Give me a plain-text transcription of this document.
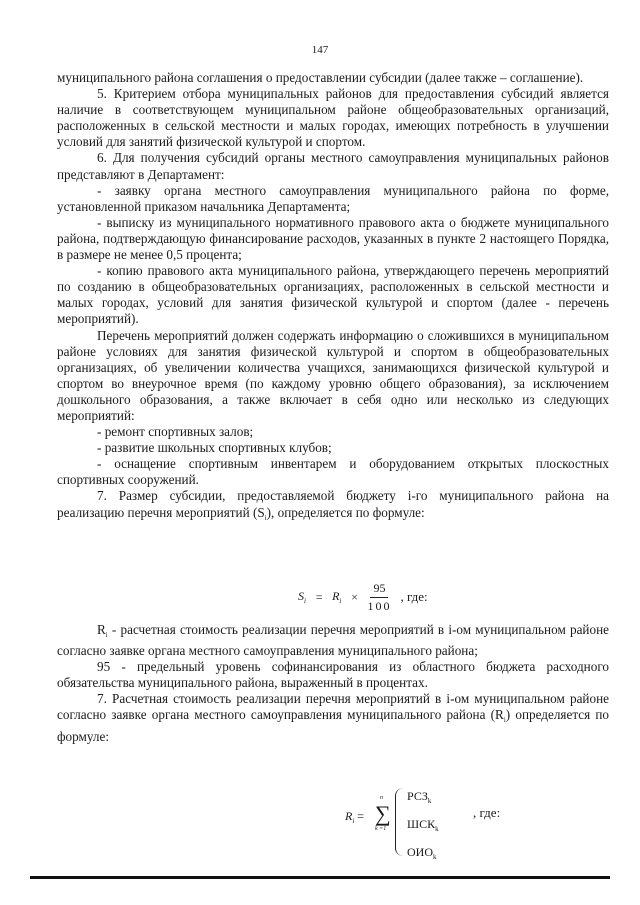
147

муниципального района соглашения о предоставлении субсидии (далее также – соглашение).

5. Критерием отбора муниципальных районов для предоставления субсидий является наличие в соответствующем муниципальном районе общеобразовательных организаций, расположенных в сельской местности и малых городах, имеющих потребность в улучшении условий для занятий физической культурой и спортом.

6. Для получения субсидий органы местного самоуправления муниципальных районов представляют в Департамент:

- заявку органа местного самоуправления муниципального района по форме, установленной приказом начальника Департамента;

- выписку из муниципального нормативного правового акта о бюджете муниципального района, подтверждающую финансирование расходов, указанных в пункте 2 настоящего Порядка, в размере не менее 0,5 процента;

- копию правового акта муниципального района, утверждающего перечень мероприятий по созданию в общеобразовательных организациях, расположенных в сельской местности и малых городах, условий для занятия физической культурой и спортом (далее - перечень мероприятий).

Перечень мероприятий должен содержать информацию о сложившихся в муниципальном районе условиях для занятия физической культурой и спортом в общеобразовательных организациях, об увеличении количества учащихся, занимающихся физической культурой и спортом во внеурочное время (по каждому уровню общего образования), за исключением дошкольного образования, а также включает в себя одно или несколько из следующих мероприятий:

- ремонт спортивных залов;

- развитие школьных спортивных клубов;

- оснащение спортивным инвентарем и оборудованием открытых плоскостных спортивных сооружений.

7. Размер субсидии, предоставляемой бюджету i-го муниципального района на реализацию перечня мероприятий $(S_i)$, определяется по формуле:

$S_i = R_i \times \frac{95}{100}$ , где:

$R_i$ - расчетная стоимость реализации перечня мероприятий в i-ом муниципальном районе согласно заявке органа местного самоуправления муниципального района;

95 - предельный уровень софинансирования из областного бюджета расходного обязательства муниципального района, выраженный в процентах.

7. Расчетная стоимость реализации перечня мероприятий в i-ом муниципальном районе согласно заявке органа местного самоуправления муниципального района $(R_i)$ определяется по формуле:

$R_i$ =
n
∑
k =1
$РСЗ_k$
$ШСК_k$
$ОИО_k$
, где:
